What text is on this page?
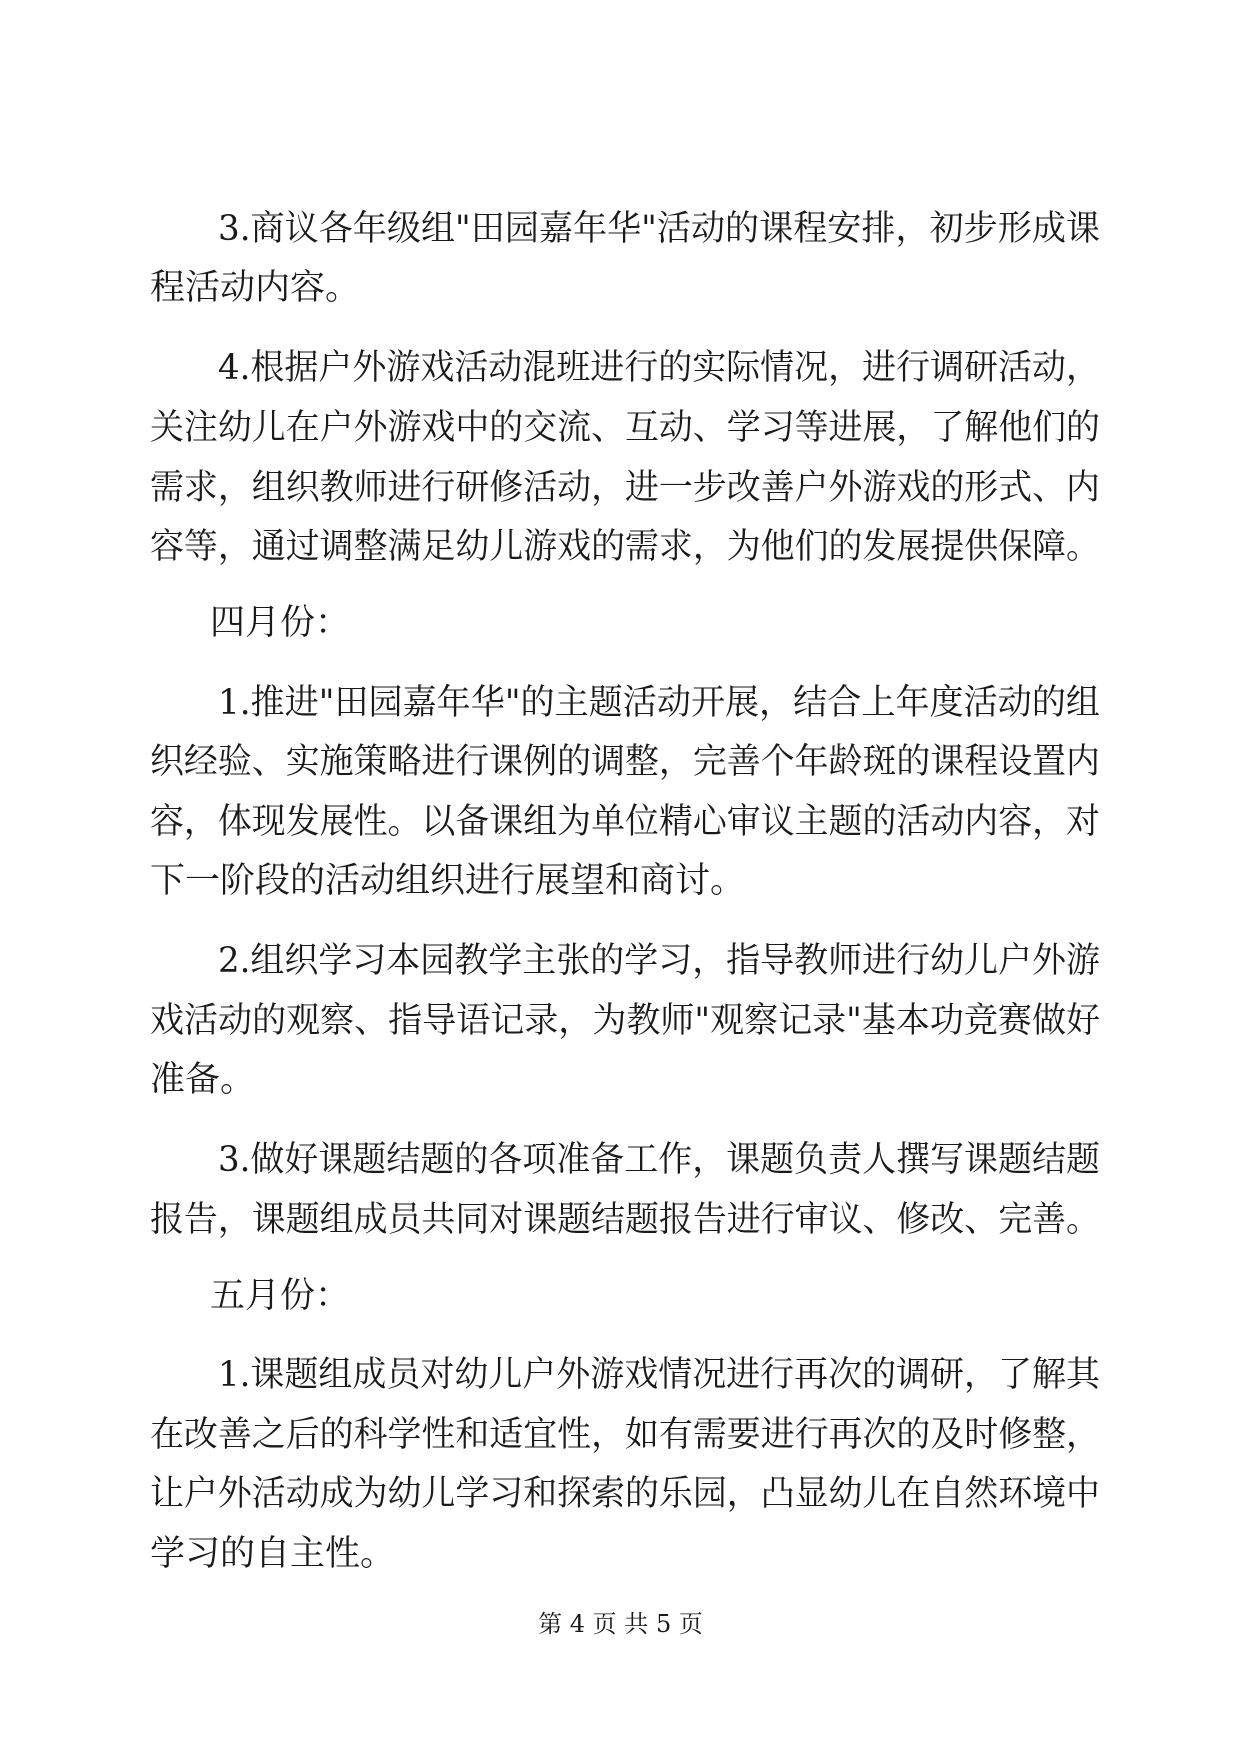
3.商议各年级组"田园嘉年华"活动的课程安排，初步形成课
程活动内容。
4.根据户外游戏活动混班进行的实际情况，进行调研活动，
关注幼儿在户外游戏中的交流、互动、学习等进展，了解他们的
需求，组织教师进行研修活动，进一步改善户外游戏的形式、内
容等，通过调整满足幼儿游戏的需求，为他们的发展提供保障。
四月份：
1.推进"田园嘉年华"的主题活动开展，结合上年度活动的组
织经验、实施策略进行课例的调整，完善个年龄斑的课程设置内
容，体现发展性。以备课组为单位精心审议主题的活动内容，对
下一阶段的活动组织进行展望和商讨。
2.组织学习本园教学主张的学习，指导教师进行幼儿户外游
戏活动的观察、指导语记录，为教师"观察记录"基本功竞赛做好
准备。
3.做好课题结题的各项准备工作，课题负责人撰写课题结题
报告，课题组成员共同对课题结题报告进行审议、修改、完善。
五月份：
1.课题组成员对幼儿户外游戏情况进行再次的调研，了解其
在改善之后的科学性和适宜性，如有需要进行再次的及时修整，
让户外活动成为幼儿学习和探索的乐园，凸显幼儿在自然环境中
学习的自主性。
第 4 页 共 5 页
